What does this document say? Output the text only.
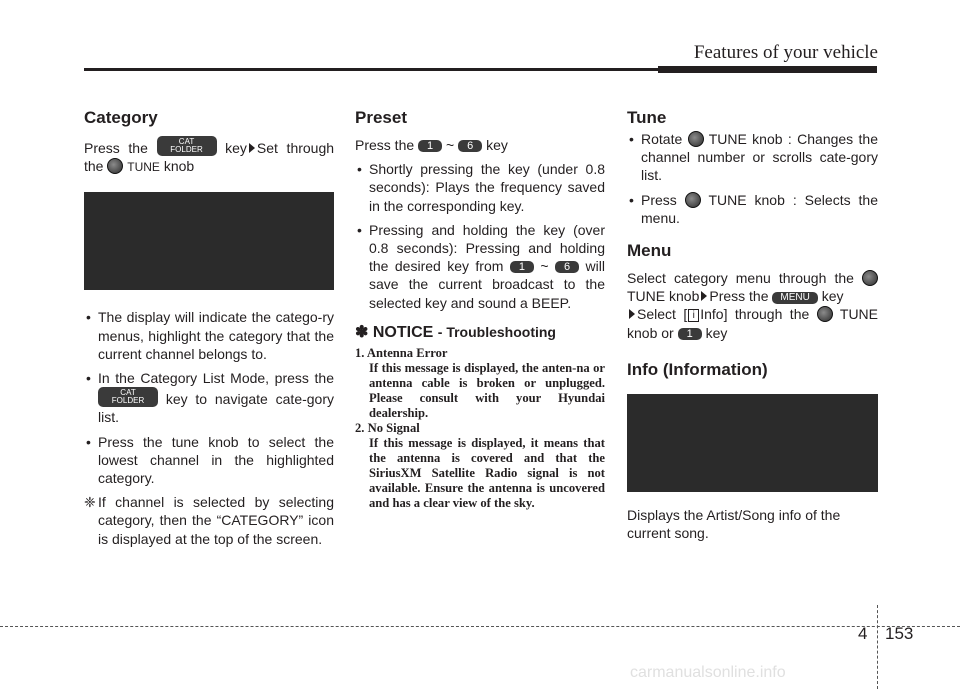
Features of your vehicle
Category

Press the	CAT
FOLDER key Set through the TUNE knob

• The display will indicate the catego-ry menus, highlight the category that the current channel belongs to.
• In the Category List Mode, press the CAT
FOLDER key to navigate cate-gory list.
• Press the tune knob to select the lowest channel in the highlighted category.

❈ If channel is selected by selecting category, then the “CATEGORY” icon is displayed at the top of the screen.

Preset

Press the 1 ~ 6 key

• Shortly pressing the key (under 0.8 seconds): Plays the frequency saved in the corresponding key.
• Pressing and holding the key (over 0.8 seconds): Pressing and holding the desired key from 1 ~ 6 will save the current broadcast to the selected key and sound a BEEP.
✽ NOTICE - Troubleshooting
1. Antenna Error
If this message is displayed, the anten-na or antenna cable is broken or unplugged. Please consult with your Hyundai dealership.
2. No Signal
If this message is displayed, it means that the antenna is covered and that the SiriusXM Satellite Radio signal is not available. Ensure the antenna is uncovered and has a clear view of the sky.
Tune
• Rotate TUNE knob : Changes the channel number or scrolls cate-gory list.
• Press TUNE knob : Selects the menu.
Menu

Select category menu through the  TUNE knob Press the MENU key
Select [ i Info] through the TUNE knob or 1 key

Info (Information)

Displays the Artist/Song info of the current song.

4 153
carmanualsonline.info
